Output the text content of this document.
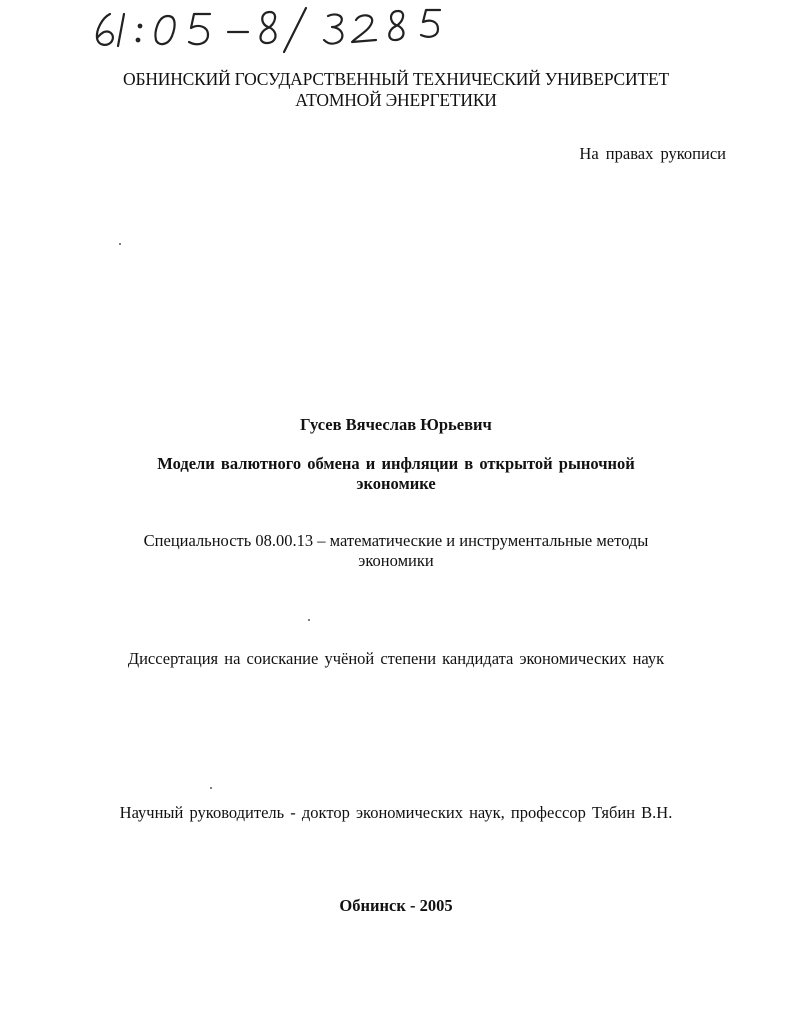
ОБНИНСКИЙ ГОСУДАРСТВЕННЫЙ ТЕХНИЧЕСКИЙ УНИВЕРСИТЕТ
АТОМНОЙ ЭНЕРГЕТИКИ
На правах рукописи
Гусев Вячеслав Юрьевич
Модели валютного обмена и инфляции в открытой рыночной
экономике
Специальность 08.00.13 – математические и инструментальные методы
экономики
Диссертация на соискание учёной степени кандидата экономических наук
Научный руководитель - доктор экономических наук, профессор Тябин В.Н.
Обнинск - 2005
